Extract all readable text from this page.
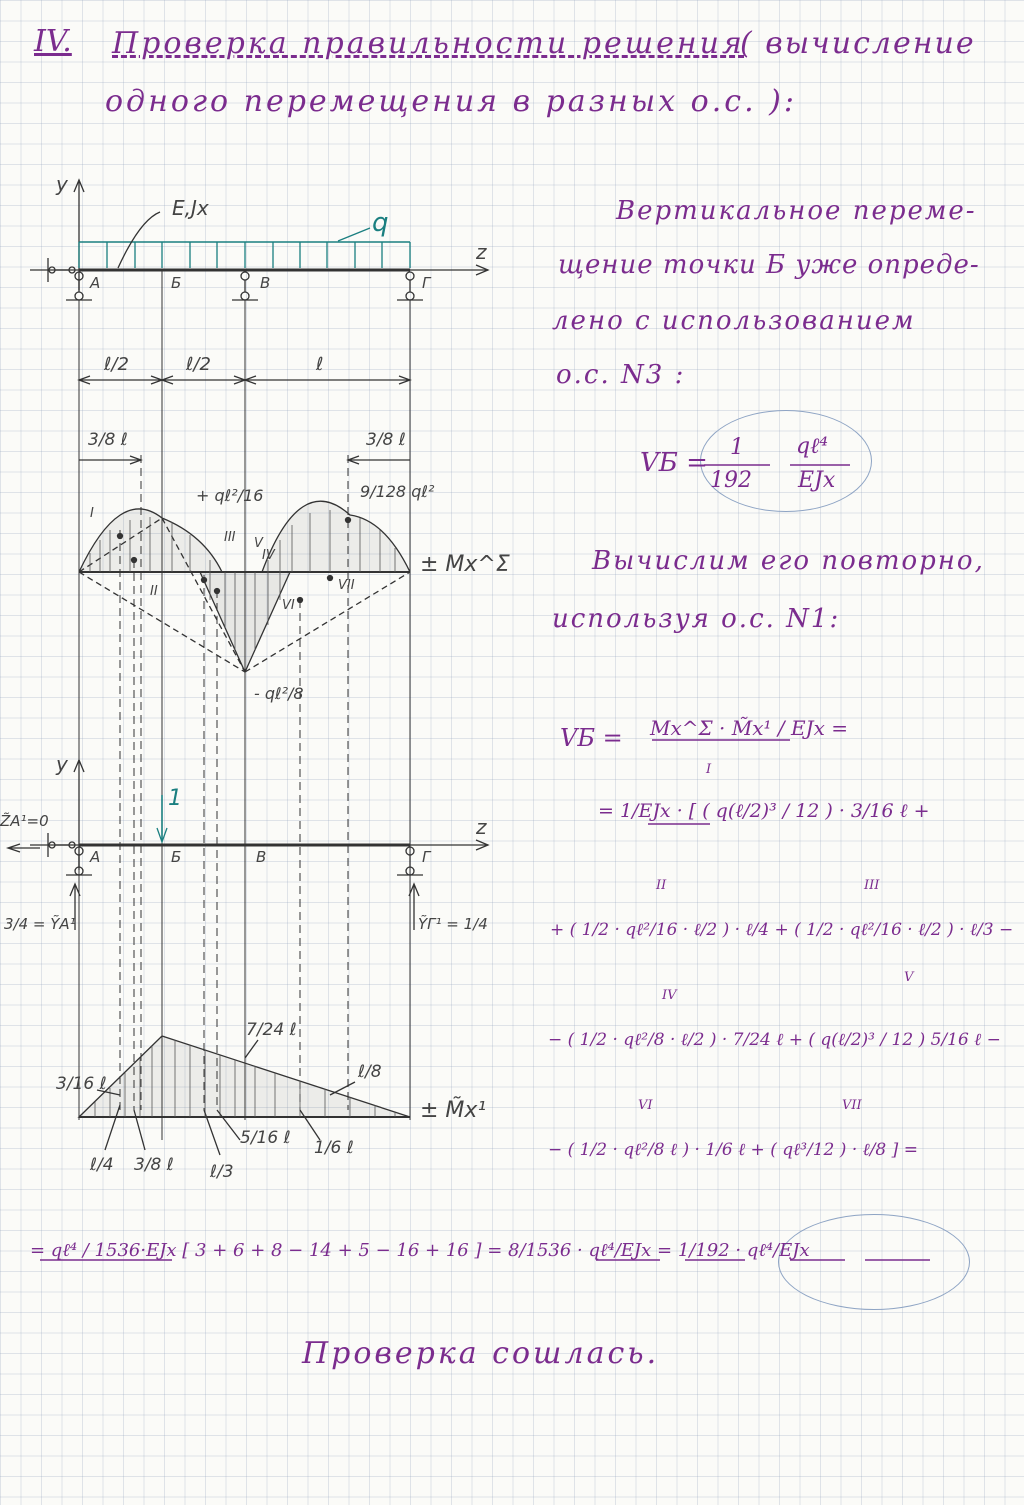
IV. Проверка правильности решения
( вычисление
одного перемещения в разных о.с. ):
y
z
E,Jx	q
А	Б	В	Г
ℓ/2	ℓ/2	ℓ
3/8 ℓ	3/8 ℓ
+ qℓ²/16	9/128 qℓ²
- qℓ²/8
± Mx^Σ
I
II
III
IV
V
VI
VII
y
z
1
А	Б	В	Г
Z̃A¹=0
3/4 = ỸA¹	ỸГ¹ = 1/4
7/24 ℓ
3/16 ℓ
ℓ/8
± M̃x¹
ℓ/4 3/8 ℓ ℓ/3
5/16 ℓ 1/6 ℓ
Вертикальное переме-
щение точки Б уже опреде-
лено с использованием
о.с. N3 :
VБ =
1
192
qℓ⁴
EJx
Вычислим его повторно,
используя о.с. N1:
VБ = Mx^Σ · M̃x¹ / EJx =
= 1/EJx · [ ( q(ℓ/2)³ / 12 ) · 3/16 ℓ +
+ ( 1/2 · qℓ²/16 · ℓ/2 ) · ℓ/4 + ( 1/2 · qℓ²/16 · ℓ/2 ) · ℓ/3 −
− ( 1/2 · qℓ²/8 · ℓ/2 ) · 7/24 ℓ + ( q(ℓ/2)³ / 12 ) 5/16 ℓ −
− ( 1/2 · qℓ²/8 ℓ ) · 1/6 ℓ + ( qℓ³/12 ) · ℓ/8 ] =
I
II	III
IV
V
VI	VII
= qℓ⁴ / 1536·EJx [ 3 + 6 + 8 − 14 + 5 − 16 + 16 ] = 8/1536 · qℓ⁴/EJx = 1/192 · qℓ⁴/EJx
Проверка сошлась.
